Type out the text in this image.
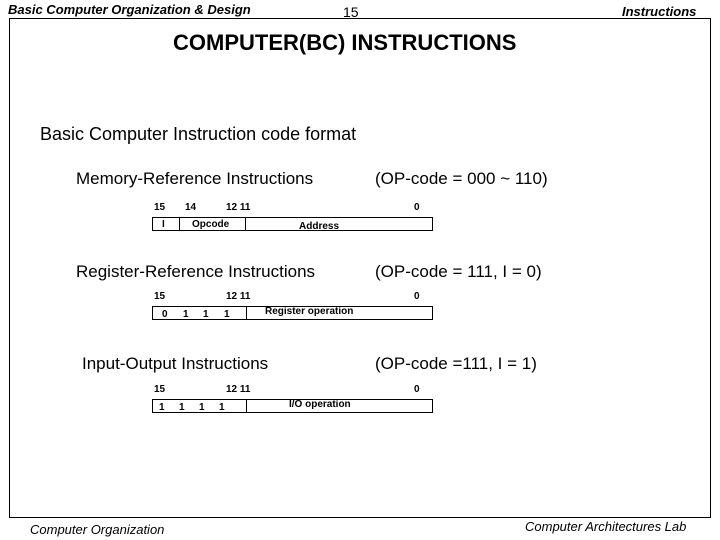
Basic Computer Organization & Design	15	Instructions
COMPUTER(BC) INSTRUCTIONS
Basic Computer Instruction code format
Memory-Reference Instructions	(OP-code = 000 ~ 110)
15 14	12 11	0
I	Opcode	Address
Register-Reference Instructions	(OP-code = 111, I = 0)
15	12 11	0
0 1 1 1	Register operation
Input-Output Instructions	(OP-code =111, I = 1)
15	12 11	0
1 1 1 1	I/O operation
Computer Organization	Computer Architectures Lab
